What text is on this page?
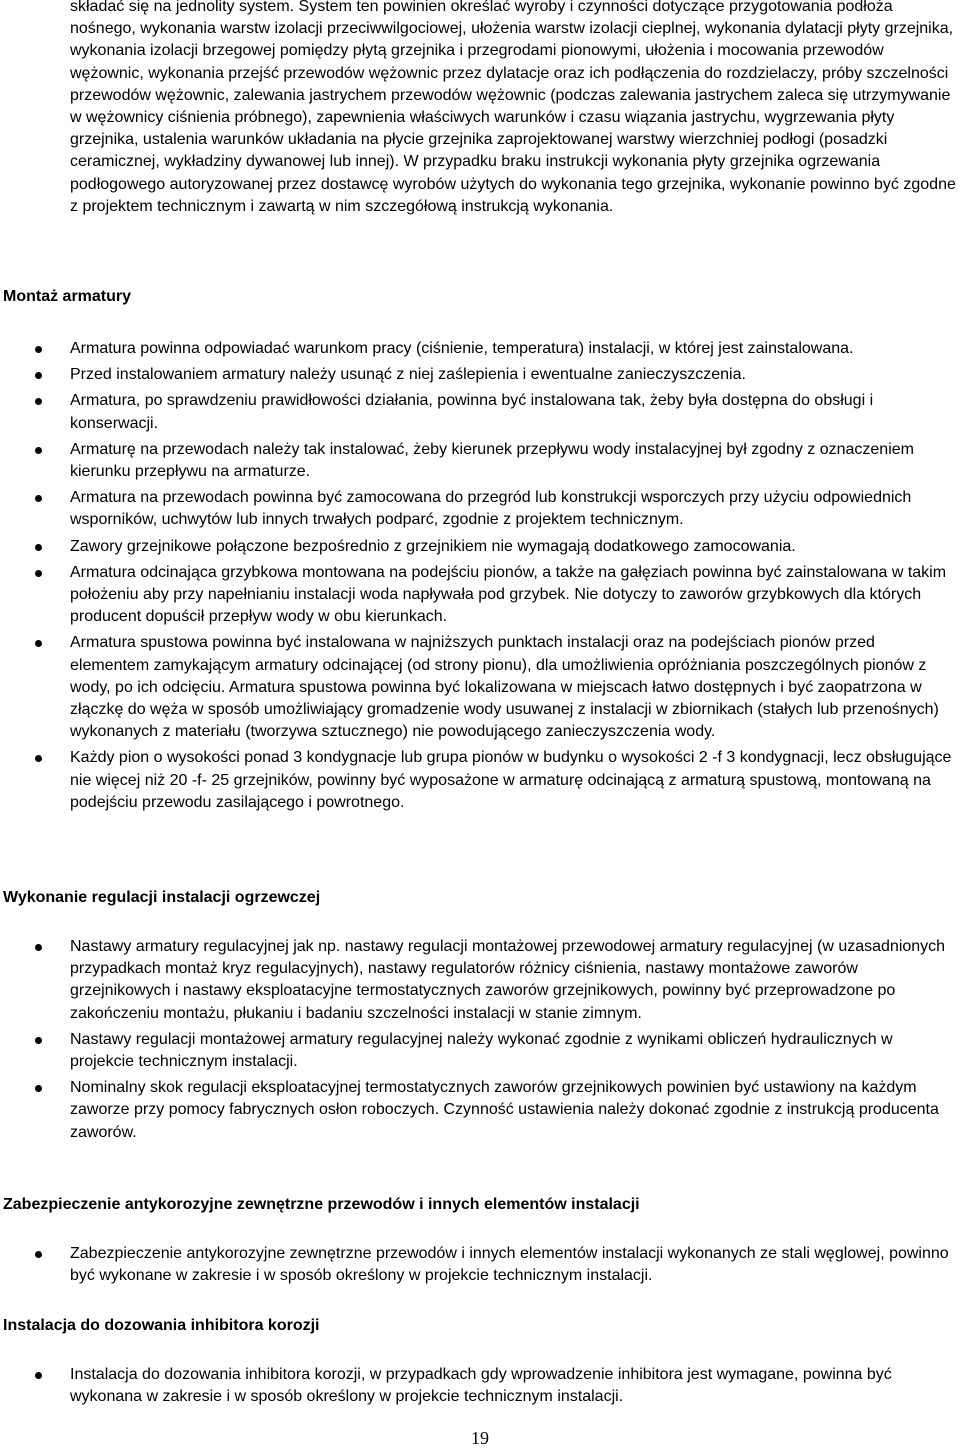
składać się na jednolity system. System ten powinien określać wyroby i czynności dotyczące przygotowania podłoża nośnego, wykonania warstw izolacji przeciwwilgociowej, ułożenia warstw izolacji cieplnej, wykonania dylatacji płyty grzejnika, wykonania izolacji brzegowej pomiędzy płytą grzejnika i przegrodami pionowymi, ułożenia i mocowania przewodów wężownic, wykonania przejść przewodów wężownic przez dylatacje oraz ich podłączenia do rozdzielaczy, próby szczelności przewodów wężownic, zalewania jastrychem przewodów wężownic (podczas zalewania jastrychem zaleca się utrzymywanie w wężownicy ciśnienia próbnego), zapewnienia właściwych warunków i czasu wiązania jastrychu, wygrzewania płyty grzejnika, ustalenia warunków układania na płycie grzejnika zaprojektowanej warstwy wierzchniej podłogi (posadzki ceramicznej, wykładziny dywanowej lub innej). W przypadku braku instrukcji wykonania płyty grzejnika ogrzewania podłogowego autoryzowanej przez dostawcę wyrobów użytych do wykonania tego grzejnika, wykonanie powinno być zgodne z projektem technicznym i zawartą w nim szczegółową instrukcją wykonania.

Montaż armatury
Armatura powinna odpowiadać warunkom pracy (ciśnienie, temperatura) instalacji, w której jest zainstalowana.
Przed instalowaniem armatury należy usunąć z niej zaślepienia i ewentualne zanieczyszczenia.
Armatura, po sprawdzeniu prawidłowości działania, powinna być instalowana tak, żeby była dostępna do obsługi i konserwacji.
Armaturę na przewodach należy tak instalować, żeby kierunek przepływu wody instalacyjnej był zgodny z oznaczeniem kierunku przepływu na armaturze.
Armatura na przewodach powinna być zamocowana do przegród lub konstrukcji wsporczych przy użyciu odpowiednich wsporników, uchwytów lub innych trwałych podparć, zgodnie z projektem technicznym.
Zawory grzejnikowe połączone bezpośrednio z grzejnikiem nie wymagają dodatkowego zamocowania.
Armatura odcinająca grzybkowa montowana na podejściu pionów, a także na gałęziach powinna być zainstalowana w takim położeniu aby przy napełnianiu instalacji woda napływała pod grzybek. Nie dotyczy to zaworów grzybkowych dla których producent dopuścił przepływ wody w obu kierunkach.
Armatura spustowa powinna być instalowana w najniższych punktach instalacji oraz na podejściach pionów przed elementem zamykającym armatury odcinającej (od strony pionu), dla umożliwienia opróżniania poszczególnych pionów z wody, po ich odcięciu. Armatura spustowa powinna być lokalizowana w miejscach łatwo dostępnych i być zaopatrzona w złączkę do węża w sposób umożliwiający gromadzenie wody usuwanej z instalacji w zbiornikach (stałych lub przenośnych) wykonanych z materiału (tworzywa sztucznego) nie powodującego zanieczyszczenia wody.
Każdy pion o wysokości ponad 3 kondygnacje lub grupa pionów w budynku o wysokości 2 -f 3 kondygnacji, lecz obsługujące nie więcej niż 20 -f- 25 grzejników, powinny być wyposażone w armaturę odcinającą z armaturą spustową, montowaną na podejściu przewodu zasilającego i powrotnego.
Wykonanie regulacji instalacji ogrzewczej
Nastawy armatury regulacyjnej jak np. nastawy regulacji montażowej przewodowej armatury regulacyjnej (w uzasadnionych przypadkach montaż kryz regulacyjnych), nastawy regulatorów różnicy ciśnienia, nastawy montażowe zaworów grzejnikowych i nastawy eksploatacyjne termostatycznych zaworów grzejnikowych, powinny być przeprowadzone po zakończeniu montażu, płukaniu i badaniu szczelności instalacji w stanie zimnym.
Nastawy regulacji montażowej armatury regulacyjnej należy wykonać zgodnie z wynikami obliczeń hydraulicznych w projekcie technicznym instalacji.
Nominalny skok regulacji eksploatacyjnej termostatycznych zaworów grzejnikowych powinien być ustawiony na każdym zaworze przy pomocy fabrycznych osłon roboczych. Czynność ustawienia należy dokonać zgodnie z instrukcją producenta zaworów.
Zabezpieczenie antykorozyjne zewnętrzne przewodów i innych elementów instalacji
Zabezpieczenie antykorozyjne zewnętrzne przewodów i innych elementów instalacji wykonanych ze stali węglowej, powinno być wykonane w zakresie i w sposób określony w projekcie technicznym instalacji.
Instalacja do dozowania inhibitora korozji
Instalacja do dozowania inhibitora korozji, w przypadkach gdy wprowadzenie inhibitora jest wymagane, powinna być wykonana w zakresie i w sposób określony w projekcie technicznym instalacji.
19
